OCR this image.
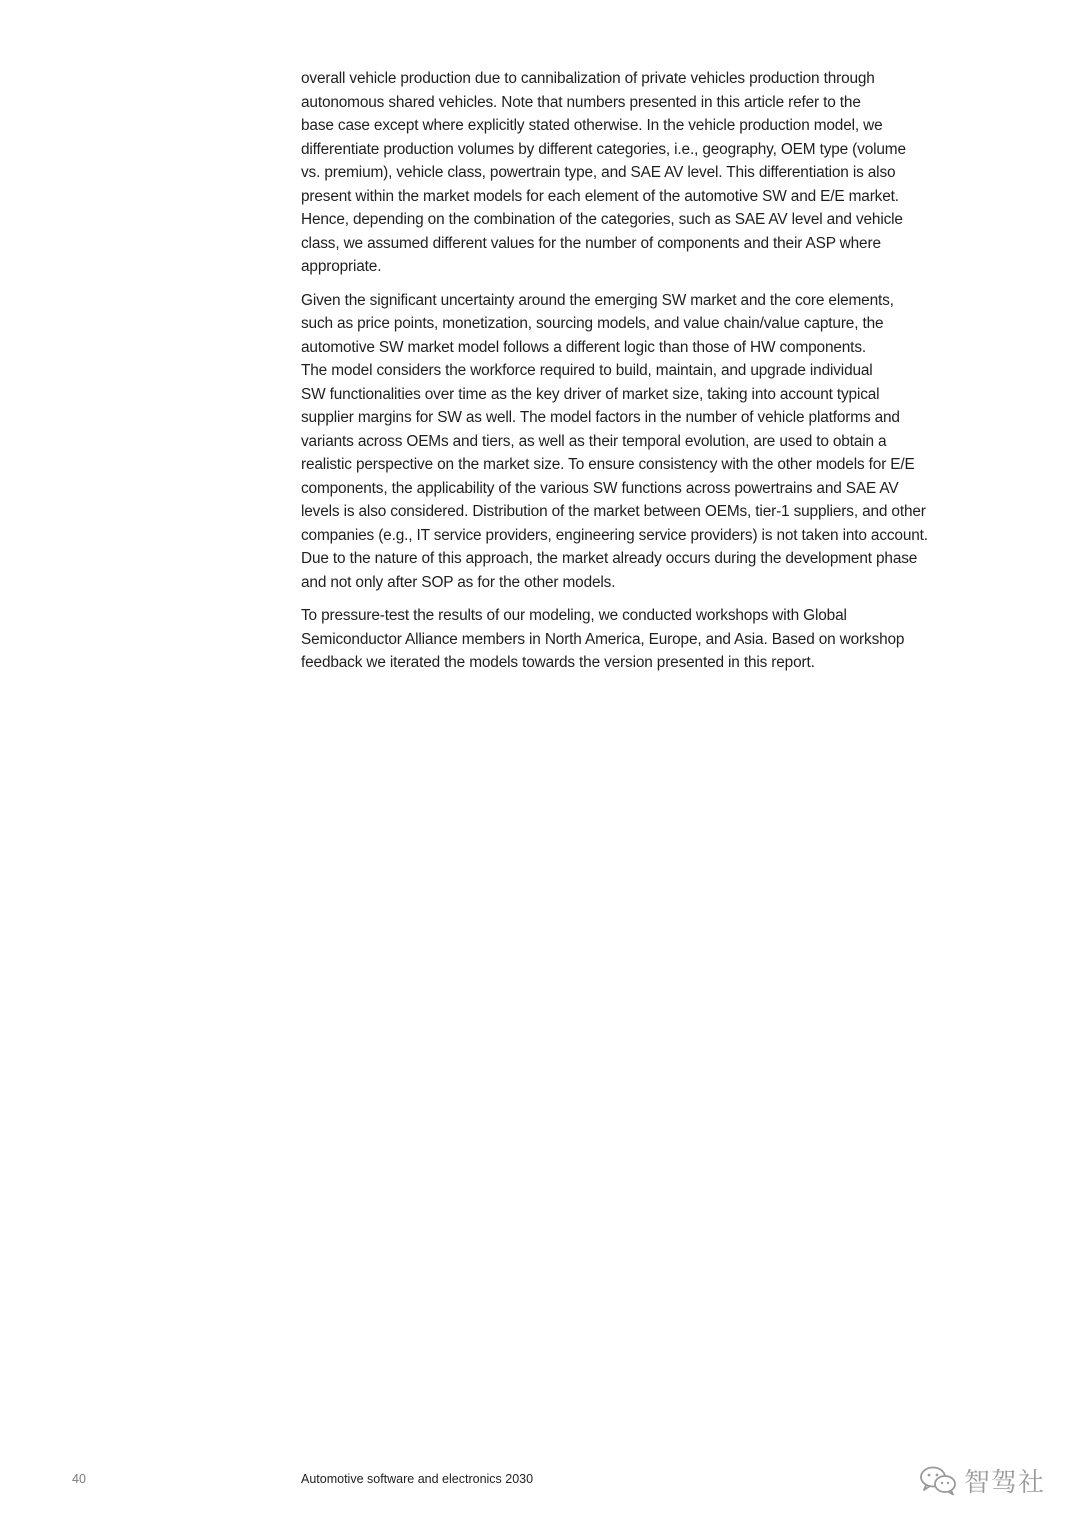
overall vehicle production due to cannibalization of private vehicles production through
autonomous shared vehicles. Note that numbers presented in this article refer to the
base case except where explicitly stated otherwise. In the vehicle production model, we
differentiate production volumes by different categories, i.e., geography, OEM type (volume
vs. premium), vehicle class, powertrain type, and SAE AV level. This differentiation is also
present within the market models for each element of the automotive SW and E/E market.
Hence, depending on the combination of the categories, such as SAE AV level and vehicle
class, we assumed different values for the number of components and their ASP where
appropriate.

Given the significant uncertainty around the emerging SW market and the core elements,
such as price points, monetization, sourcing models, and value chain/value capture, the
automotive SW market model follows a different logic than those of HW components.
The model considers the workforce required to build, maintain, and upgrade individual
SW functionalities over time as the key driver of market size, taking into account typical
supplier margins for SW as well. The model factors in the number of vehicle platforms and
variants across OEMs and tiers, as well as their temporal evolution, are used to obtain a
realistic perspective on the market size. To ensure consistency with the other models for E/E
components, the applicability of the various SW functions across powertrains and SAE AV
levels is also considered. Distribution of the market between OEMs, tier-1 suppliers, and other
companies (e.g., IT service providers, engineering service providers) is not taken into account.
Due to the nature of this approach, the market already occurs during the development phase
and not only after SOP as for the other models.

To pressure-test the results of our modeling, we conducted workshops with Global
Semiconductor Alliance members in North America, Europe, and Asia. Based on workshop
feedback we iterated the models towards the version presented in this report.

40	Automotive software and electronics 2030	智驾社
